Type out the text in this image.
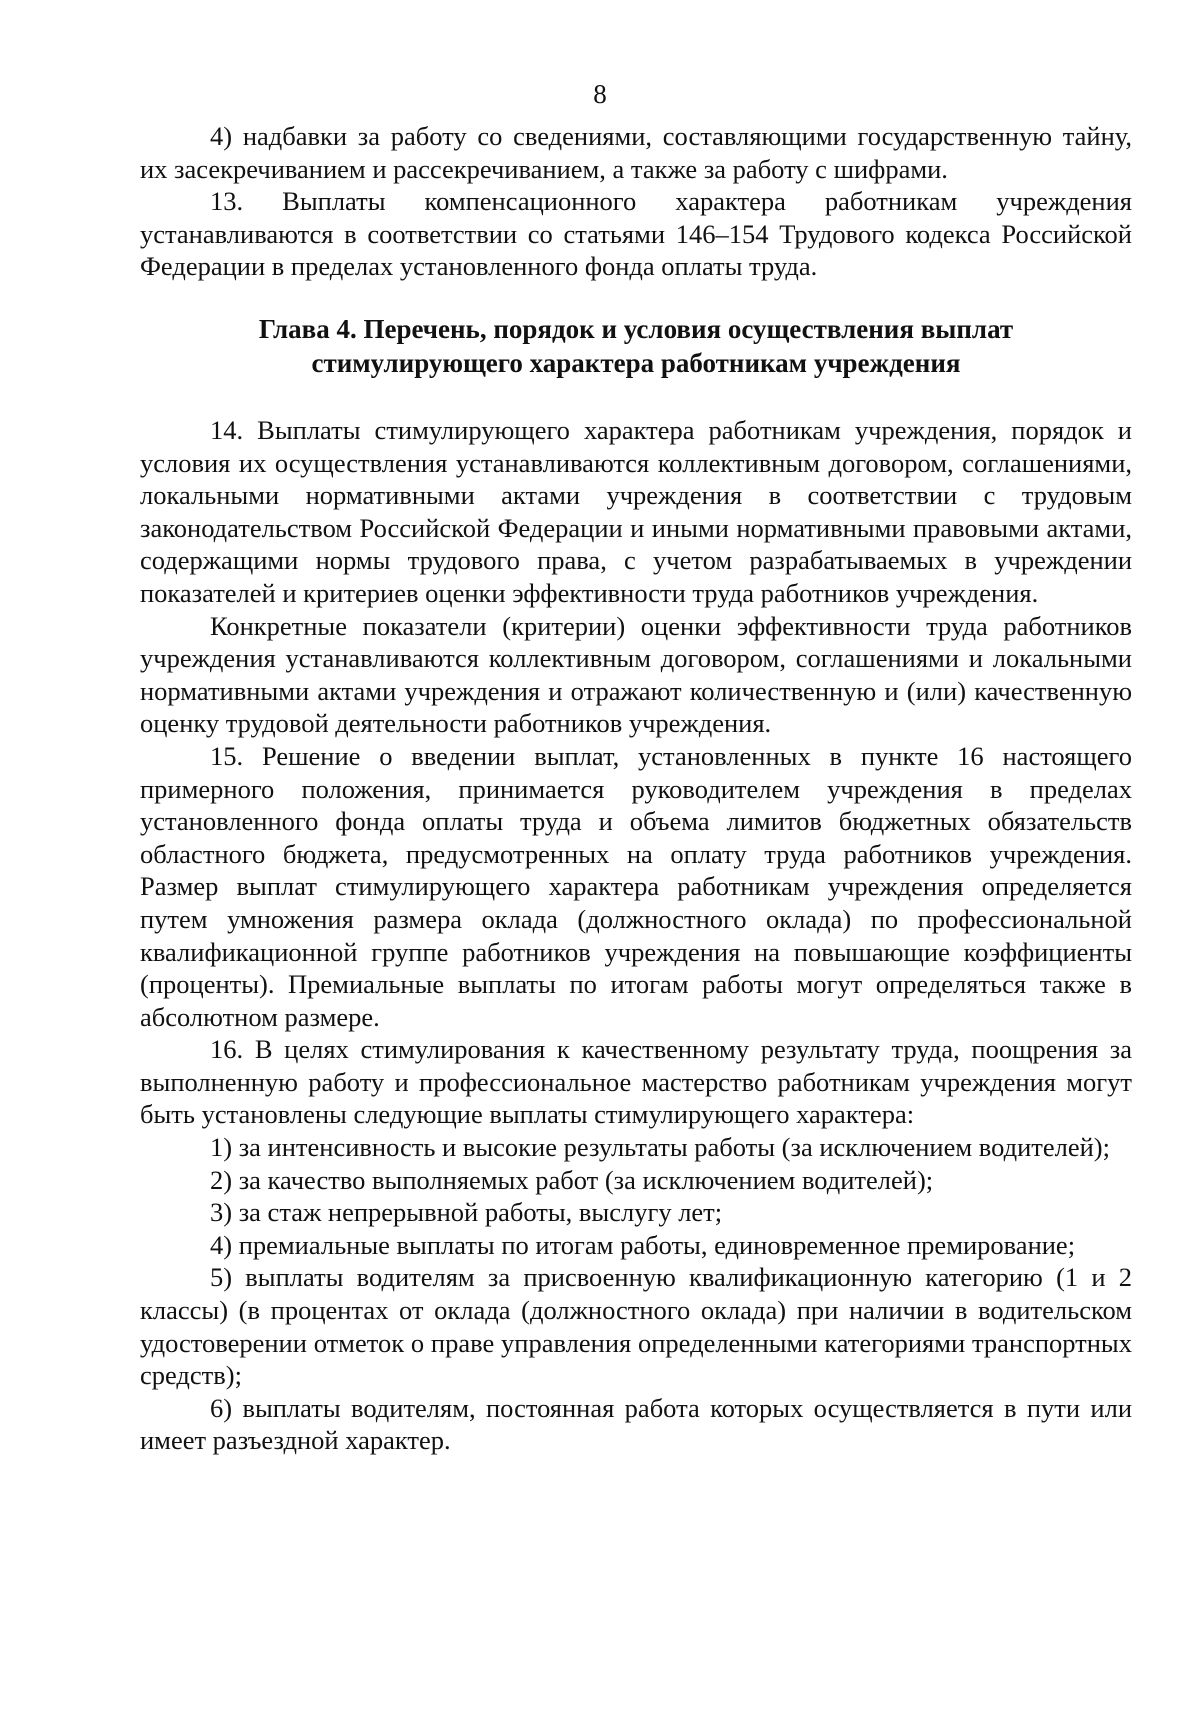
8

4) надбавки за работу со сведениями, составляющими государственную тайну, их засекречиванием и рассекречиванием, а также за работу с шифрами.

13. Выплаты компенсационного характера работникам учреждения устанавливаются в соответствии со статьями 146–154 Трудового кодекса Российской Федерации в пределах установленного фонда оплаты труда.

Глава 4. Перечень, порядок и условия осуществления выплат
стимулирующего характера работникам учреждения

14. Выплаты стимулирующего характера работникам учреждения, порядок и условия их осуществления устанавливаются коллективным договором, соглашениями, локальными нормативными актами учреждения в соответствии с трудовым законодательством Российской Федерации и иными нормативными правовыми актами, содержащими нормы трудового права, с учетом разрабатываемых в учреждении показателей и критериев оценки эффективности труда работников учреждения.

Конкретные показатели (критерии) оценки эффективности труда работников учреждения устанавливаются коллективным договором, соглашениями и локальными нормативными актами учреждения и отражают количественную и (или) качественную оценку трудовой деятельности работников учреждения.

15. Решение о введении выплат, установленных в пункте 16 настоящего примерного положения, принимается руководителем учреждения в пределах установленного фонда оплаты труда и объема лимитов бюджетных обязательств областного бюджета, предусмотренных на оплату труда работников учреждения. Размер выплат стимулирующего характера работникам учреждения определяется путем умножения размера оклада (должностного оклада) по профессиональной квалификационной группе работников учреждения на повышающие коэффициенты (проценты). Премиальные выплаты по итогам работы могут определяться также в абсолютном размере.

16. В целях стимулирования к качественному результату труда, поощрения за выполненную работу и профессиональное мастерство работникам учреждения могут быть установлены следующие выплаты стимулирующего характера:

1) за интенсивность и высокие результаты работы (за исключением водителей);

2) за качество выполняемых работ (за исключением водителей);

3) за стаж непрерывной работы, выслугу лет;

4) премиальные выплаты по итогам работы, единовременное премирование;

5) выплаты водителям за присвоенную квалификационную категорию (1 и 2 классы) (в процентах от оклада (должностного оклада) при наличии в водительском удостоверении отметок о праве управления определенными категориями транспортных средств);

6) выплаты водителям, постоянная работа которых осуществляется в пути или имеет разъездной характер.
